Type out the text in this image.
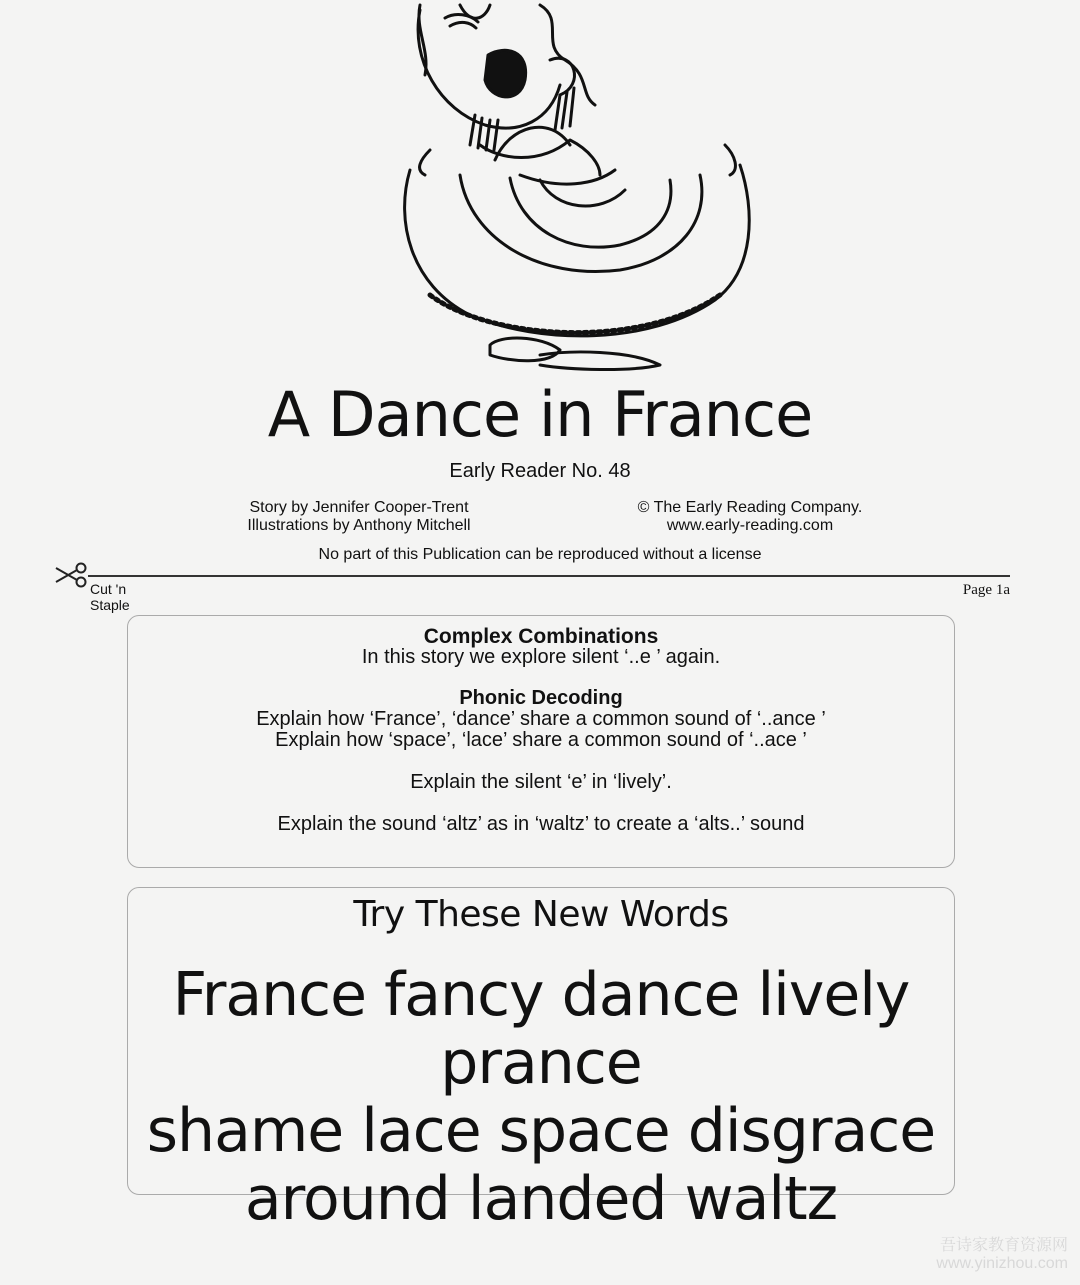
A Dance in France
Early Reader No. 48
Story by Jennifer Cooper-Trent
Illustrations by Anthony Mitchell
© The Early Reading Company.
www.early-reading.com
No part of this Publication can be reproduced without a license
Cut 'n
Staple
Page 1a
Complex Combinations
In this story we explore silent ‘..e ’ again.
Phonic Decoding
Explain how ‘France’, ‘dance’ share a common sound of ‘..ance ’
Explain how ‘space’, ‘lace’ share a common sound of ‘..ace ’
Explain the silent ‘e’ in ‘lively’.
Explain the sound ‘altz’ as in ‘waltz’ to create a ‘alts..’ sound
Try These New Words
France fancy dance lively prance
shame lace space disgrace
around landed waltz
吾诗家教育资源网
www.yinizhou.com
